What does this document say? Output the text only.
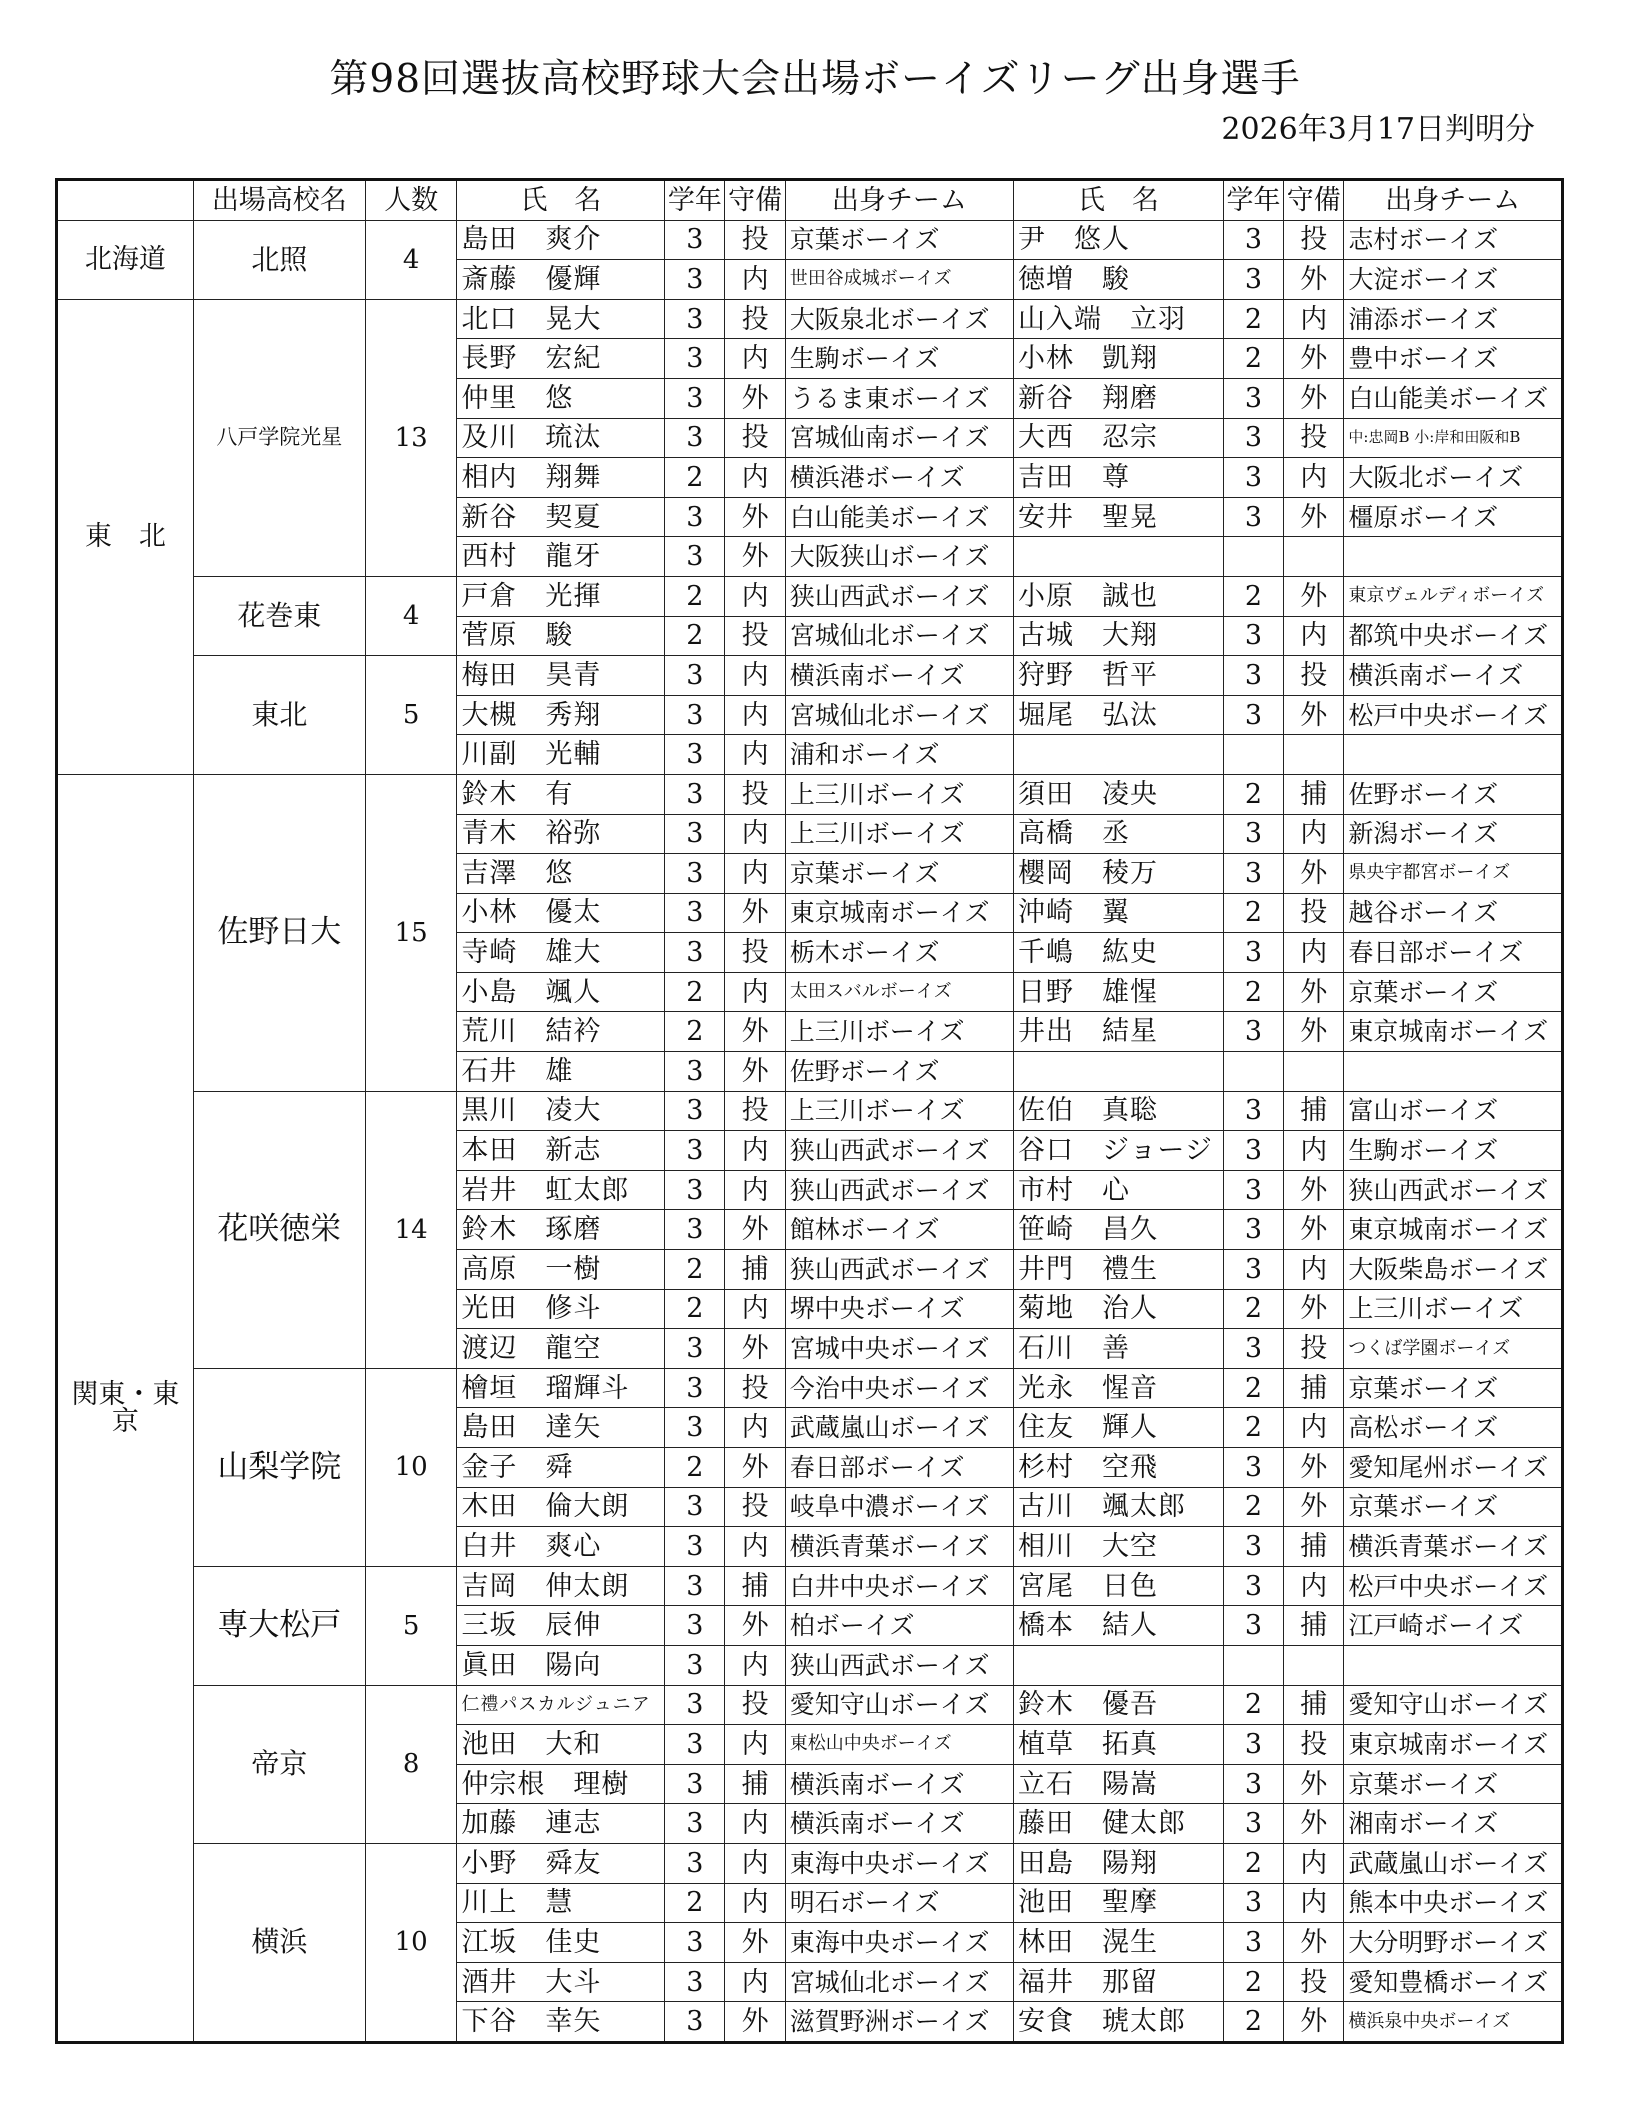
第98回選抜高校野球大会出場ボーイズリーグ出身選手
2026年3月17日判明分
	出場高校名	人数	氏　名	学年	守備	出身チーム	氏　名	学年	守備	出身チーム
北海道	北照	4	島田　爽介	3	投	京葉ボーイズ	尹　悠人	3	投	志村ボーイズ
			斎藤　優輝	3	内	世田谷成城ボーイズ	徳増　駿	3	外	大淀ボーイズ
東　北	八戸学院光星	13	北口　晃大	3	投	大阪泉北ボーイズ	山入端　立羽	2	内	浦添ボーイズ
			長野　宏紀	3	内	生駒ボーイズ	小林　凱翔	2	外	豊中ボーイズ
			仲里　悠	3	外	うるま東ボーイズ	新谷　翔磨	3	外	白山能美ボーイズ
			及川　琉汰	3	投	宮城仙南ボーイズ	大西　忍宗	3	投	中:忠岡B 小:岸和田阪和B
			相内　翔舞	2	内	横浜港ボーイズ	吉田　尊	3	内	大阪北ボーイズ
			新谷　契夏	3	外	白山能美ボーイズ	安井　聖晃	3	外	橿原ボーイズ
			西村　龍牙	3	外	大阪狭山ボーイズ				
	花巻東	4	戸倉　光揮	2	内	狭山西武ボーイズ	小原　誠也	2	外	東京ヴェルディボーイズ
			菅原　駿	2	投	宮城仙北ボーイズ	古城　大翔	3	内	都筑中央ボーイズ
	東北	5	梅田　昊青	3	内	横浜南ボーイズ	狩野　哲平	3	投	横浜南ボーイズ
			大槻　秀翔	3	内	宮城仙北ボーイズ	堀尾　弘汰	3	外	松戸中央ボーイズ
			川副　光輔	3	内	浦和ボーイズ				
関東・東京	佐野日大	15	鈴木　有	3	投	上三川ボーイズ	須田　凌央	2	捕	佐野ボーイズ
			青木　裕弥	3	内	上三川ボーイズ	高橋　丞	3	内	新潟ボーイズ
			吉澤　悠	3	内	京葉ボーイズ	櫻岡　稜万	3	外	県央宇都宮ボーイズ
			小林　優太	3	外	東京城南ボーイズ	沖崎　翼	2	投	越谷ボーイズ
			寺崎　雄大	3	投	栃木ボーイズ	千嶋　紘史	3	内	春日部ボーイズ
			小島　颯人	2	内	太田スバルボーイズ	日野　雄惺	2	外	京葉ボーイズ
			荒川　結衿	2	外	上三川ボーイズ	井出　結星	3	外	東京城南ボーイズ
			石井　雄	3	外	佐野ボーイズ				
	花咲徳栄	14	黒川　凌大	3	投	上三川ボーイズ	佐伯　真聡	3	捕	富山ボーイズ
			本田　新志	3	内	狭山西武ボーイズ	谷口　ジョージ	3	内	生駒ボーイズ
			岩井　虹太郎	3	内	狭山西武ボーイズ	市村　心	3	外	狭山西武ボーイズ
			鈴木　琢磨	3	外	館林ボーイズ	笹崎　昌久	3	外	東京城南ボーイズ
			高原　一樹	2	捕	狭山西武ボーイズ	井門　禮生	3	内	大阪柴島ボーイズ
			光田　修斗	2	内	堺中央ボーイズ	菊地　治人	2	外	上三川ボーイズ
			渡辺　龍空	3	外	宮城中央ボーイズ	石川　善	3	投	つくば学園ボーイズ
	山梨学院	10	檜垣　瑠輝斗	3	投	今治中央ボーイズ	光永　惺音	2	捕	京葉ボーイズ
			島田　達矢	3	内	武蔵嵐山ボーイズ	住友　輝人	2	内	高松ボーイズ
			金子　舜	2	外	春日部ボーイズ	杉村　空飛	3	外	愛知尾州ボーイズ
			木田　倫大朗	3	投	岐阜中濃ボーイズ	古川　颯太郎	2	外	京葉ボーイズ
			白井　爽心	3	内	横浜青葉ボーイズ	相川　大空	3	捕	横浜青葉ボーイズ
	専大松戸	5	吉岡　伸太朗	3	捕	白井中央ボーイズ	宮尾　日色	3	内	松戸中央ボーイズ
			三坂　辰伸	3	外	柏ボーイズ	橋本　結人	3	捕	江戸崎ボーイズ
			眞田　陽向	3	内	狭山西武ボーイズ				
	帝京	8	仁禮パスカルジュニア	3	投	愛知守山ボーイズ	鈴木　優吾	2	捕	愛知守山ボーイズ
			池田　大和	3	内	東松山中央ボーイズ	植草　拓真	3	投	東京城南ボーイズ
			仲宗根　理樹	3	捕	横浜南ボーイズ	立石　陽嵩	3	外	京葉ボーイズ
			加藤　連志	3	内	横浜南ボーイズ	藤田　健太郎	3	外	湘南ボーイズ
	横浜	10	小野　舜友	3	内	東海中央ボーイズ	田島　陽翔	2	内	武蔵嵐山ボーイズ
			川上　慧	2	内	明石ボーイズ	池田　聖摩	3	内	熊本中央ボーイズ
			江坂　佳史	3	外	東海中央ボーイズ	林田　滉生	3	外	大分明野ボーイズ
			酒井　大斗	3	内	宮城仙北ボーイズ	福井　那留	2	投	愛知豊橋ボーイズ
			下谷　幸矢	3	外	滋賀野洲ボーイズ	安食　琥太郎	2	外	横浜泉中央ボーイズ
